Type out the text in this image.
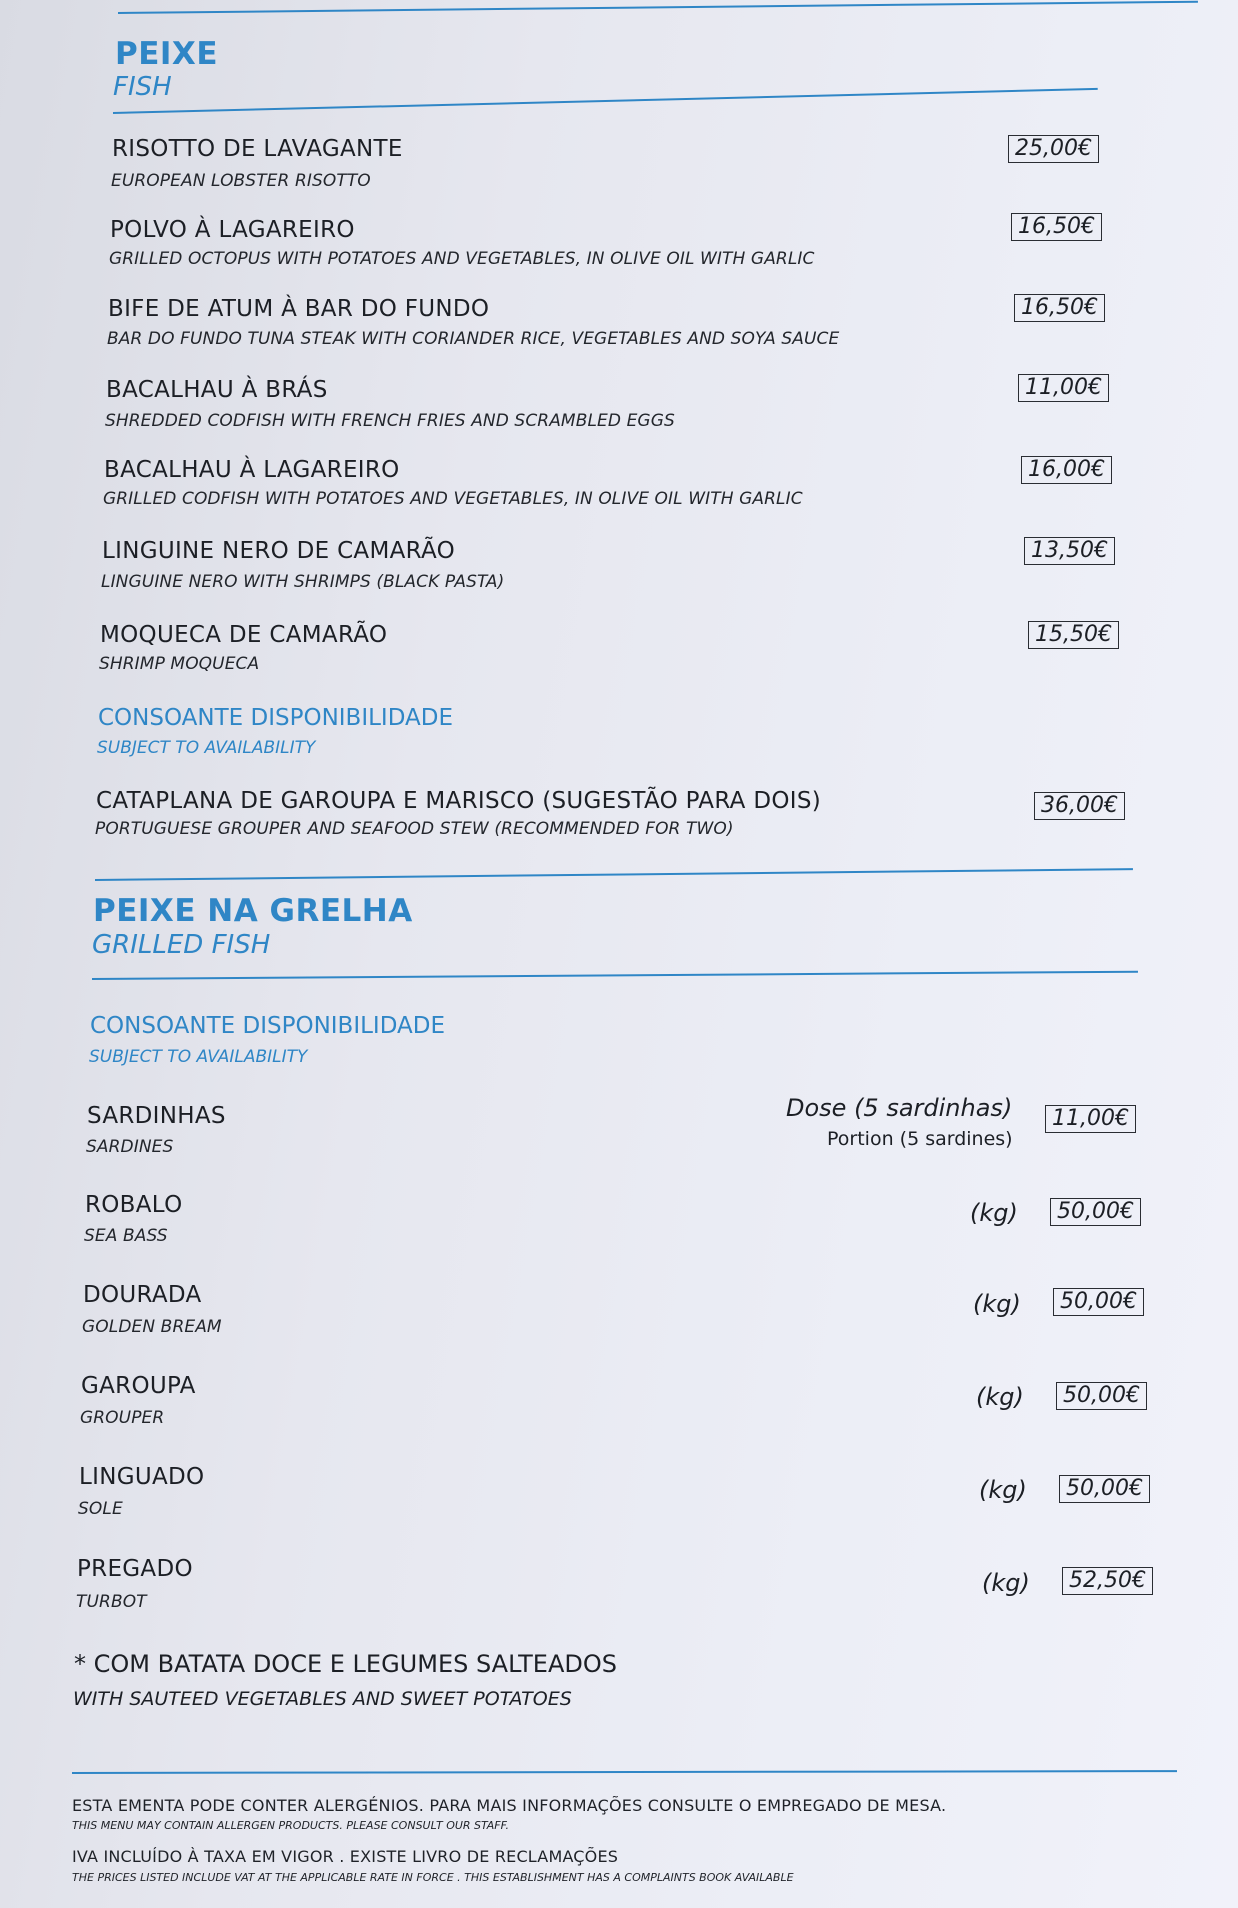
PEIXE
FISH
RISOTTO DE LAVAGANTE
EUROPEAN LOBSTER RISOTTO
25,00€
POLVO À LAGAREIRO
GRILLED OCTOPUS WITH POTATOES AND VEGETABLES, IN OLIVE OIL WITH GARLIC
16,50€
BIFE DE ATUM À BAR DO FUNDO
BAR DO FUNDO TUNA STEAK WITH CORIANDER RICE, VEGETABLES AND SOYA SAUCE
16,50€
BACALHAU À BRÁS
SHREDDED CODFISH WITH FRENCH FRIES AND SCRAMBLED EGGS
11,00€
BACALHAU À LAGAREIRO
GRILLED CODFISH WITH POTATOES AND VEGETABLES, IN OLIVE OIL WITH GARLIC
16,00€
LINGUINE NERO DE CAMARÃO
LINGUINE NERO WITH SHRIMPS (BLACK PASTA)
13,50€
MOQUECA DE CAMARÃO
SHRIMP MOQUECA
15,50€
CONSOANTE DISPONIBILIDADE
SUBJECT TO AVAILABILITY
CATAPLANA DE GAROUPA E MARISCO (SUGESTÃO PARA DOIS)
PORTUGUESE GROUPER AND SEAFOOD STEW (RECOMMENDED FOR TWO)
36,00€
PEIXE NA GRELHA
GRILLED FISH
CONSOANTE DISPONIBILIDADE
SUBJECT TO AVAILABILITY
SARDINHAS
SARDINES
Dose (5 sardinhas)
Portion (5 sardines)
11,00€
ROBALO
SEA BASS
(kg)	50,00€
DOURADA
GOLDEN BREAM
(kg)	50,00€
GAROUPA
GROUPER
(kg)	50,00€
LINGUADO
SOLE
(kg)	50,00€
PREGADO
TURBOT
(kg)	52,50€
* COM BATATA DOCE E LEGUMES SALTEADOS
WITH SAUTEED VEGETABLES AND SWEET POTATOES
ESTA EMENTA PODE CONTER ALERGÉNIOS. PARA MAIS INFORMAÇÕES CONSULTE O EMPREGADO DE MESA.
THIS MENU MAY CONTAIN ALLERGEN PRODUCTS. PLEASE CONSULT OUR STAFF.
IVA INCLUÍDO À TAXA EM VIGOR . EXISTE LIVRO DE RECLAMAÇÕES
THE PRICES LISTED INCLUDE VAT AT THE APPLICABLE RATE IN FORCE . THIS ESTABLISHMENT HAS A COMPLAINTS BOOK AVAILABLE
